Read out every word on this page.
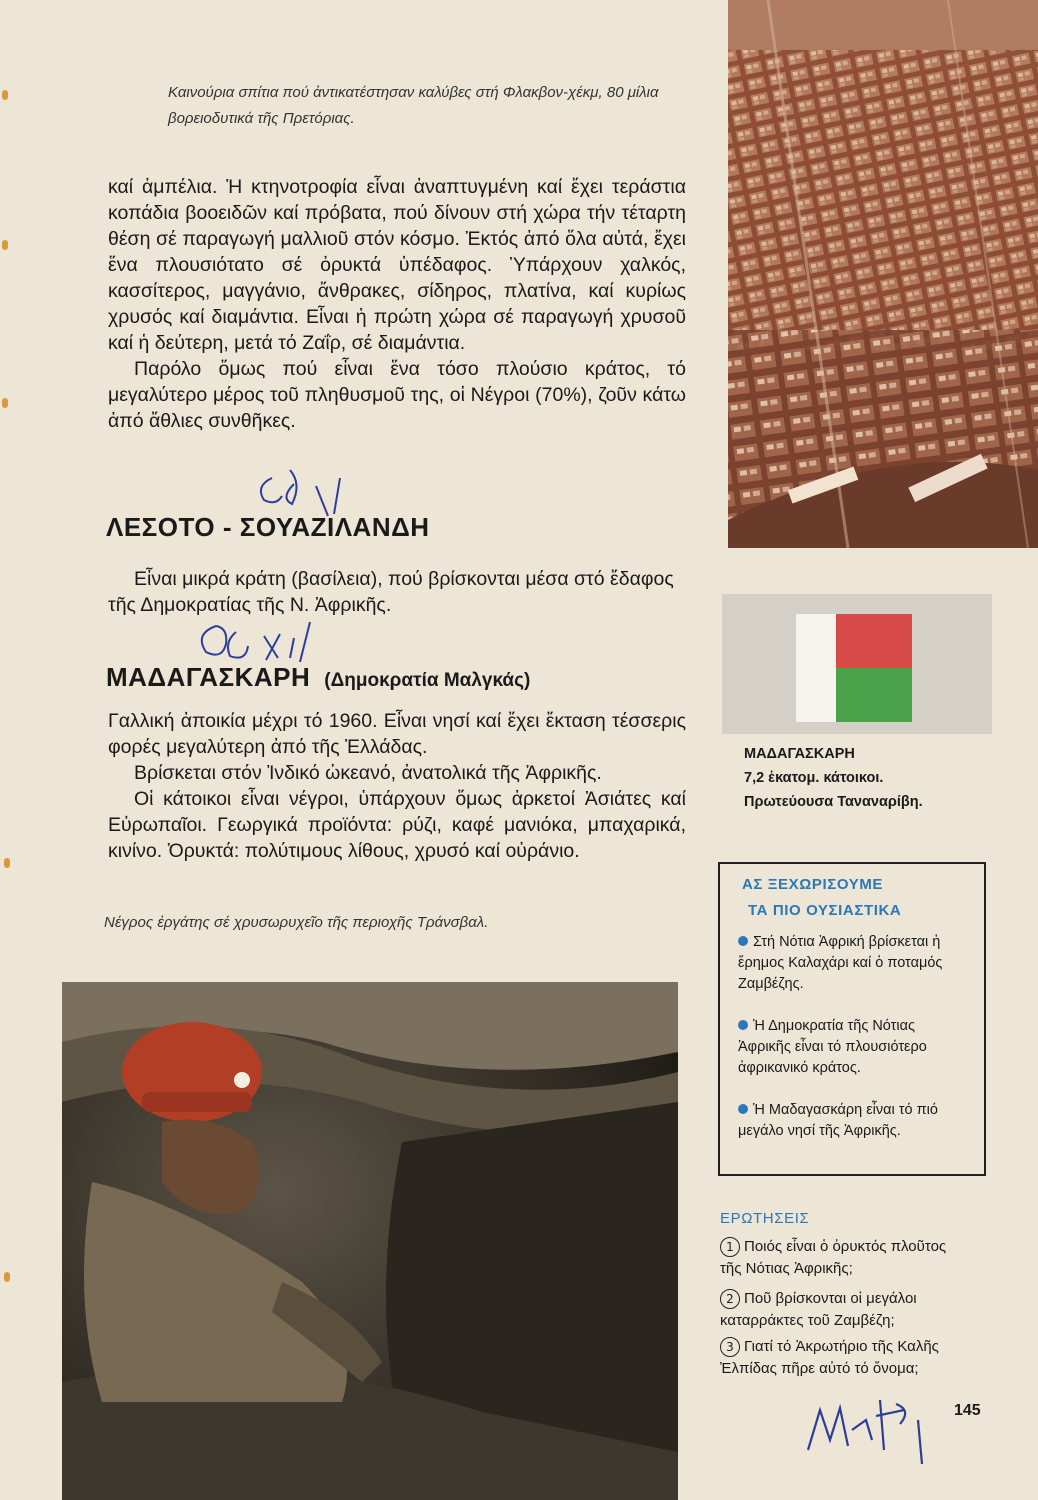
Καινούρια σπίτια πού ἀντικατέστησαν καλύβες στή Φλακβον-χέκμ, 80 μίλια βορειοδυτικά τῆς Πρετόριας.

καί ἀμπέλια. Ἡ κτηνοτροφία εἶναι ἀναπτυγμένη καί ἔχει τεράστια κοπάδια βοοειδῶν καί πρόβατα, πού δίνουν στή χώρα τήν τέταρτη θέση σέ παραγωγή μαλλιοῦ στόν κόσμο. Ἐκτός ἀπό ὅλα αὐτά, ἔχει ἕνα πλουσιότατο σέ ὀρυκτά ὑπέδαφος. Ὑπάρχουν χαλκός, κασσίτερος, μαγγάνιο, ἄνθρακες, σίδηρος, πλατίνα, καί κυρίως χρυσός καί διαμάντια. Εἶναι ἡ πρώτη χώρα σέ παραγωγή χρυσοῦ καί ἡ δεύτερη, μετά τό Ζαΐρ, σέ διαμάντια.

Παρόλο ὅμως πού εἶναι ἕνα τόσο πλούσιο κράτος, τό μεγαλύτερο μέρος τοῦ πληθυσμοῦ της, οἱ Νέγροι (70%), ζοῦν κάτω ἀπό ἄθλιες συνθῆκες.

ΛΕΣΟΤΟ - ΣΟΥΑΖΙΛΑΝΔΗ

Εἶναι μικρά κράτη (βασίλεια), πού βρίσκονται μέσα στό ἔδαφος τῆς Δημοκρατίας τῆς Ν. Ἀφρικῆς.

ΜΑΔΑΓΑΣΚΑΡΗ (Δημοκρατία Μαλγκάς)

Γαλλική ἀποικία μέχρι τό 1960. Εἶναι νησί καί ἔχει ἔκταση τέσσερις φορές μεγαλύτερη ἀπό τῆς Ἑλλάδας.

Βρίσκεται στόν Ἰνδικό ὠκεανό, ἀνατολικά τῆς Ἀφρικῆς.

Οἱ κάτοικοι εἶναι νέγροι, ὑπάρχουν ὅμως ἀρκετοί Ἀσιάτες καί Εὐρωπαῖοι. Γεωργικά προϊόντα: ρύζι, καφέ μανιόκα, μπαχαρικά, κινίνο. Ὀρυκτά: πολύτιμους λίθους, χρυσό καί οὐράνιο.

Νέγρος ἐργάτης σέ χρυσωρυχεῖο τῆς περιοχῆς Τράνσβαλ.
ΜΑΔΑΓΑΣΚΑΡΗ
7,2 ἑκατομ. κάτοικοι.
Πρωτεύουσα Ταναναρίβη.
ΑΣ ΞΕΧΩΡΙΣΟΥΜΕ
ΤΑ ΠΙΟ ΟΥΣΙΑΣΤΙΚΑ
Στή Νότια Ἀφρική βρίσκεται ἡ ἔρημος Καλαχάρι καί ὁ ποταμός Ζαμβέζης.
Ἡ Δημοκρατία τῆς Νότιας Ἀφρικῆς εἶναι τό πλουσιότερο ἀφρικανικό κράτος.
Ἡ Μαδαγασκάρη εἶναι τό πιό μεγάλο νησί τῆς Ἀφρικῆς.
ΕΡΩΤΗΣΕΙΣ
1 Ποιός εἶναι ὁ ὀρυκτός πλοῦτος τῆς Νότιας Ἀφρικῆς;
2 Ποῦ βρίσκονται οἱ μεγάλοι καταρράκτες τοῦ Ζαμβέζη;
3 Γιατί τό Ἀκρωτήριο τῆς Καλῆς Ἐλπίδας πῆρε αὐτό τό ὄνομα;
145
